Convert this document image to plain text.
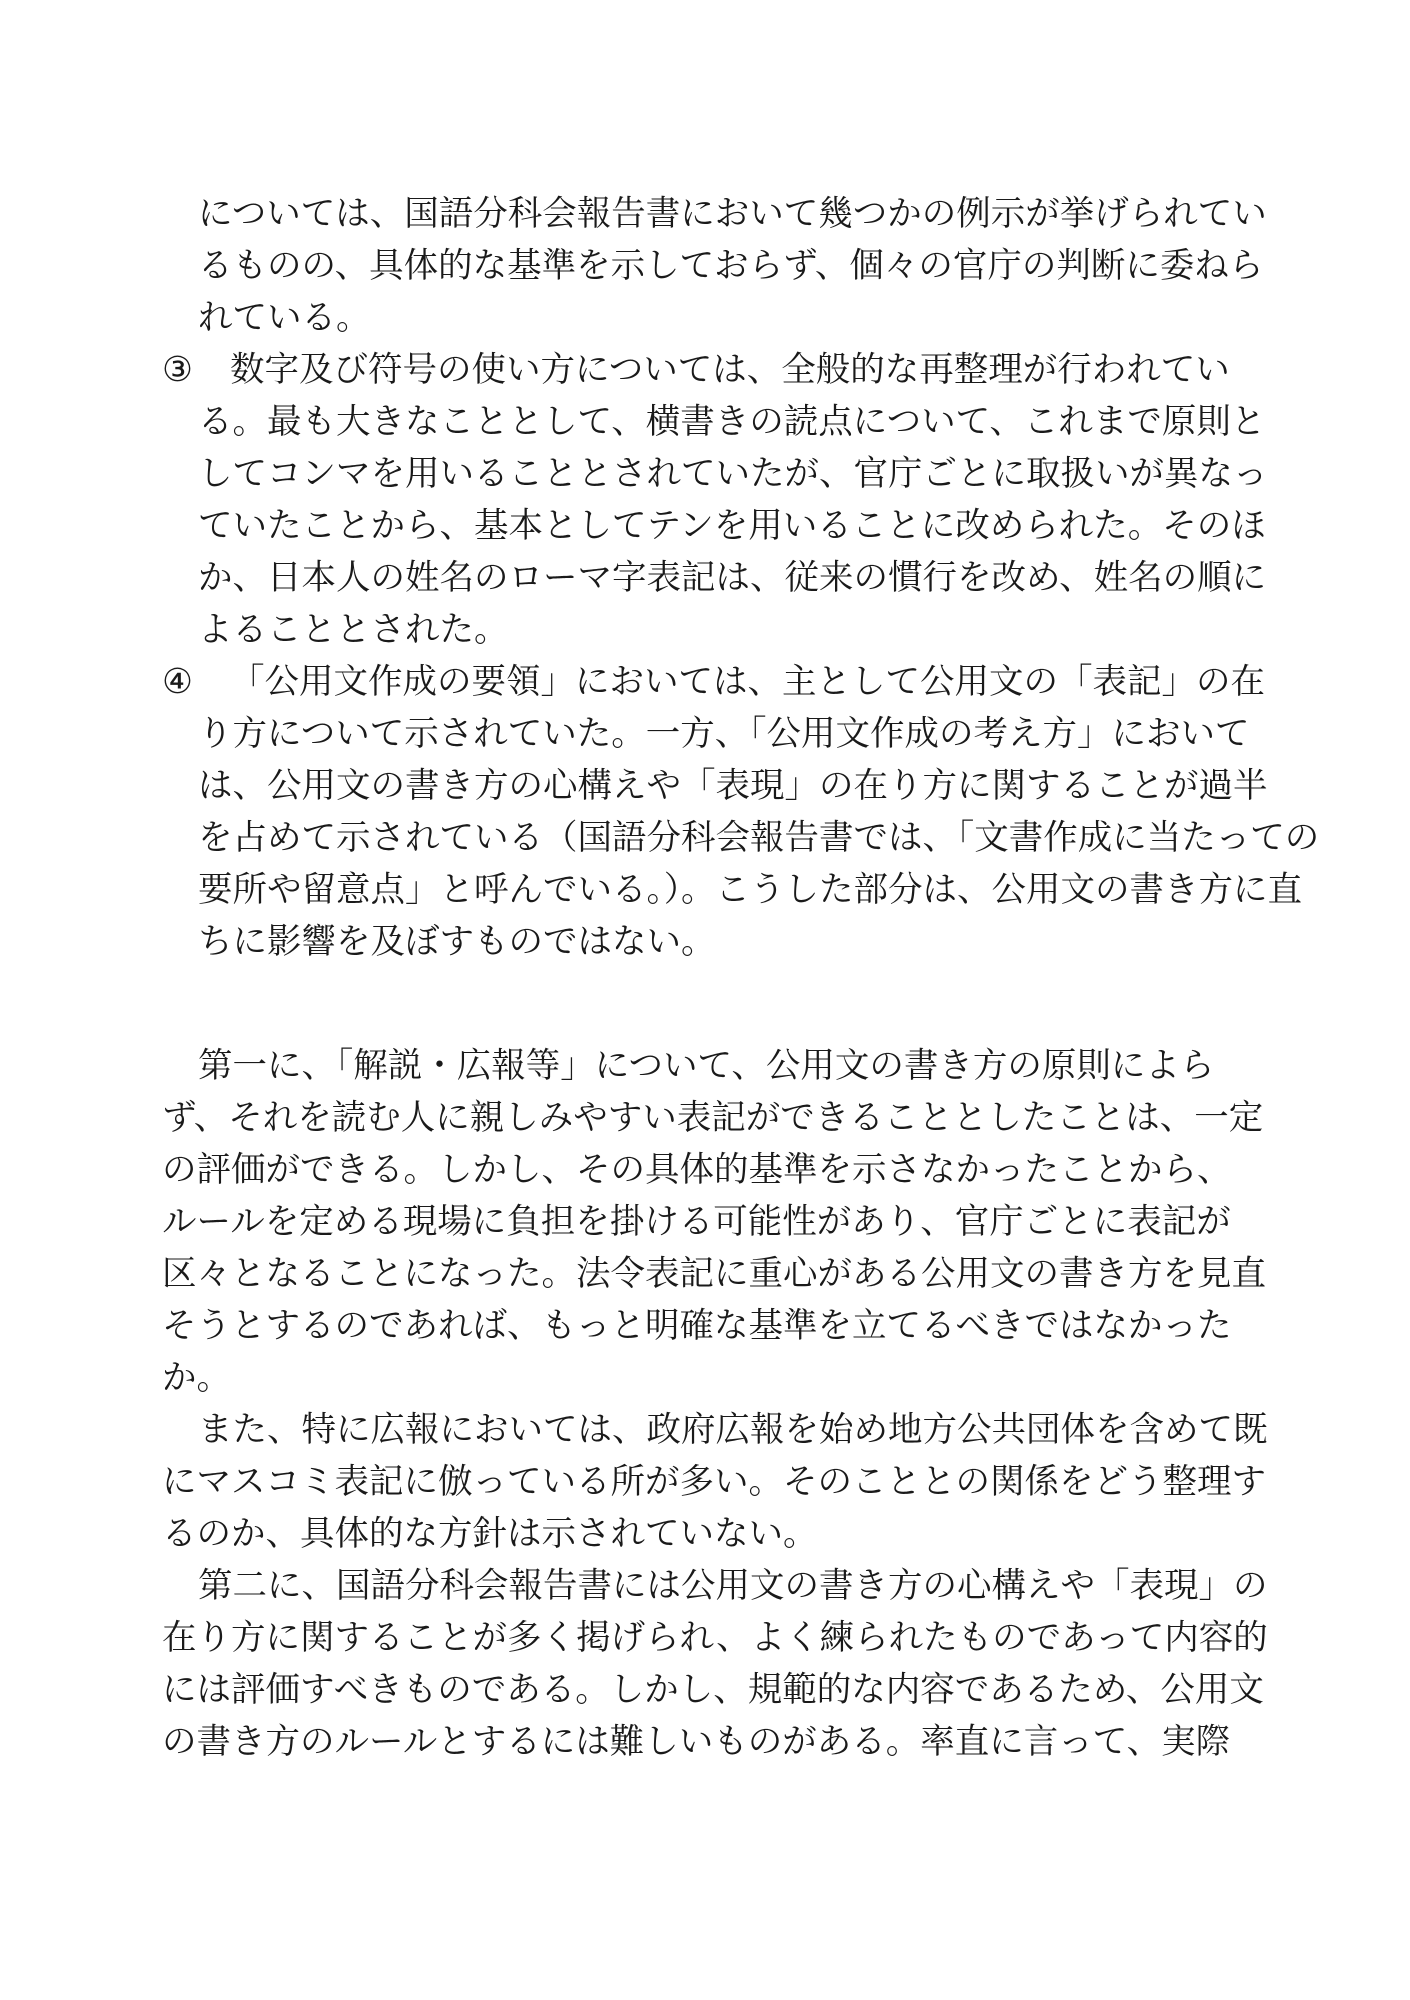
については、国語分科会報告書において幾つかの例示が挙げられてい
るものの、具体的な基準を示しておらず、個々の官庁の判断に委ねら
れている。
③ 数字及び符号の使い方については、全般的な再整理が行われてい
る。最も大きなこととして、横書きの読点について、これまで原則と
してコンマを用いることとされていたが、官庁ごとに取扱いが異なっ
ていたことから、基本としてテンを用いることに改められた。そのほ
か、日本人の姓名のローマ字表記は、従来の慣行を改め、姓名の順に
よることとされた。
④ 「公用文作成の要領」においては、主として公用文の「表記」の在
り方について示されていた。一方、「公用文作成の考え方」において
は、公用文の書き方の心構えや「表現」の在り方に関することが過半
を占めて示されている（国語分科会報告書では、「文書作成に当たっての
要所や留意点」と呼んでいる。）。こうした部分は、公用文の書き方に直
ちに影響を及ぼすものではない。
第一に、「解説・広報等」について、公用文の書き方の原則によら
ず、それを読む人に親しみやすい表記ができることとしたことは、一定
の評価ができる。しかし、その具体的基準を示さなかったことから、
ルールを定める現場に負担を掛ける可能性があり、官庁ごとに表記が
区々となることになった。法令表記に重心がある公用文の書き方を見直
そうとするのであれば、もっと明確な基準を立てるべきではなかった
か。
また、特に広報においては、政府広報を始め地方公共団体を含めて既
にマスコミ表記に倣っている所が多い。そのこととの関係をどう整理す
るのか、具体的な方針は示されていない。
第二に、国語分科会報告書には公用文の書き方の心構えや「表現」の
在り方に関することが多く掲げられ、よく練られたものであって内容的
には評価すべきものである。しかし、規範的な内容であるため、公用文
の書き方のルールとするには難しいものがある。率直に言って、実際
